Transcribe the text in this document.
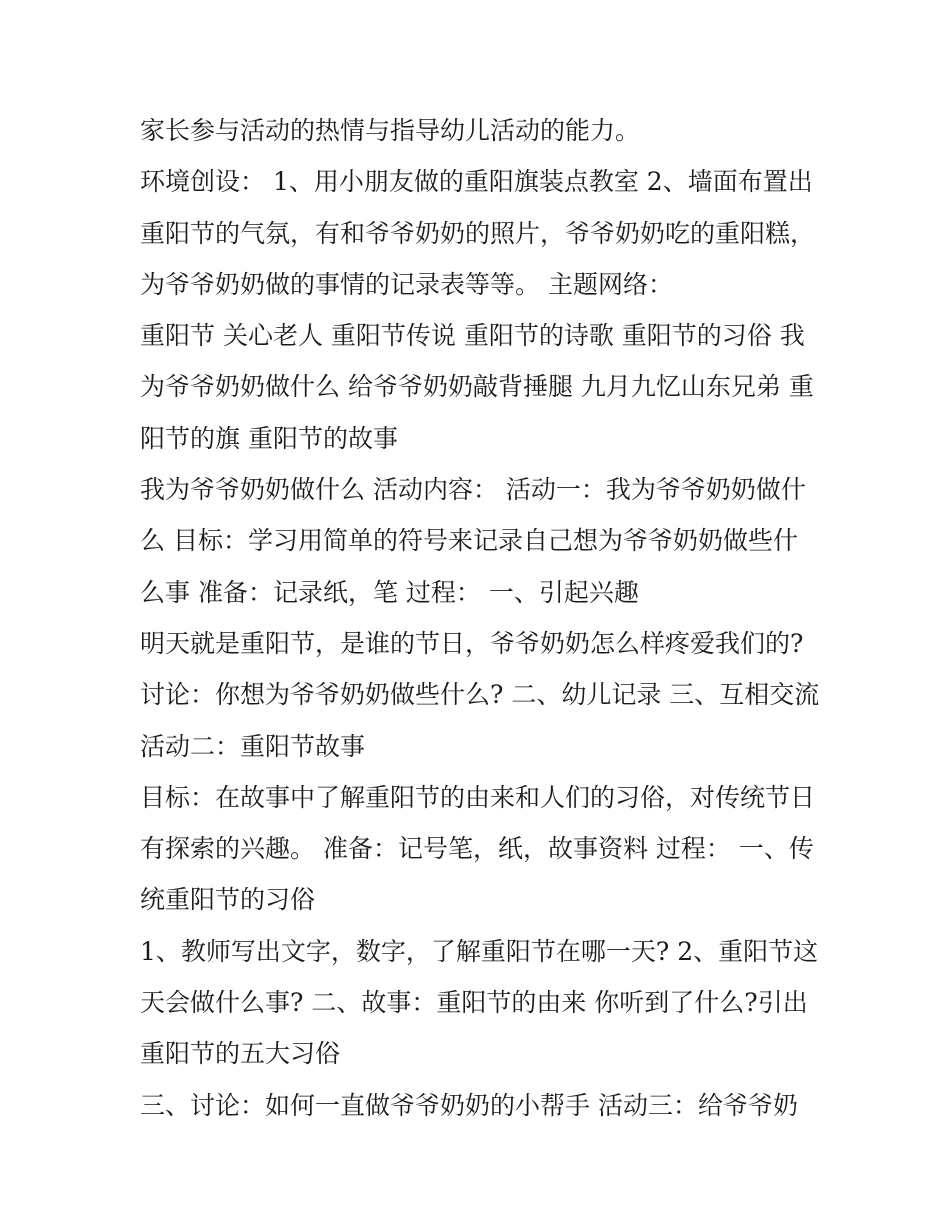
家长参与活动的热情与指导幼儿活动的能力。
环境创设： 1、用小朋友做的重阳旗装点教室 2、墙面布置出
重阳节的气氛，有和爷爷奶奶的照片，爷爷奶奶吃的重阳糕，
为爷爷奶奶做的事情的记录表等等。 主题网络：
重阳节 关心老人 重阳节传说 重阳节的诗歌 重阳节的习俗 我
为爷爷奶奶做什么 给爷爷奶奶敲背捶腿 九月九忆山东兄弟 重
阳节的旗 重阳节的故事
我为爷爷奶奶做什么 活动内容： 活动一：我为爷爷奶奶做什
么 目标：学习用简单的符号来记录自己想为爷爷奶奶做些什
么事 准备：记录纸，笔 过程： 一、引起兴趣
明天就是重阳节，是谁的节日，爷爷奶奶怎么样疼爱我们的?
讨论：你想为爷爷奶奶做些什么? 二、幼儿记录 三、互相交流
活动二：重阳节故事
目标：在故事中了解重阳节的由来和人们的习俗，对传统节日
有探索的兴趣。 准备：记号笔，纸，故事资料 过程： 一、传
统重阳节的习俗
1、教师写出文字，数字，了解重阳节在哪一天? 2、重阳节这
天会做什么事? 二、故事：重阳节的由来 你听到了什么?引出
重阳节的五大习俗
三、讨论：如何一直做爷爷奶奶的小帮手 活动三：给爷爷奶
